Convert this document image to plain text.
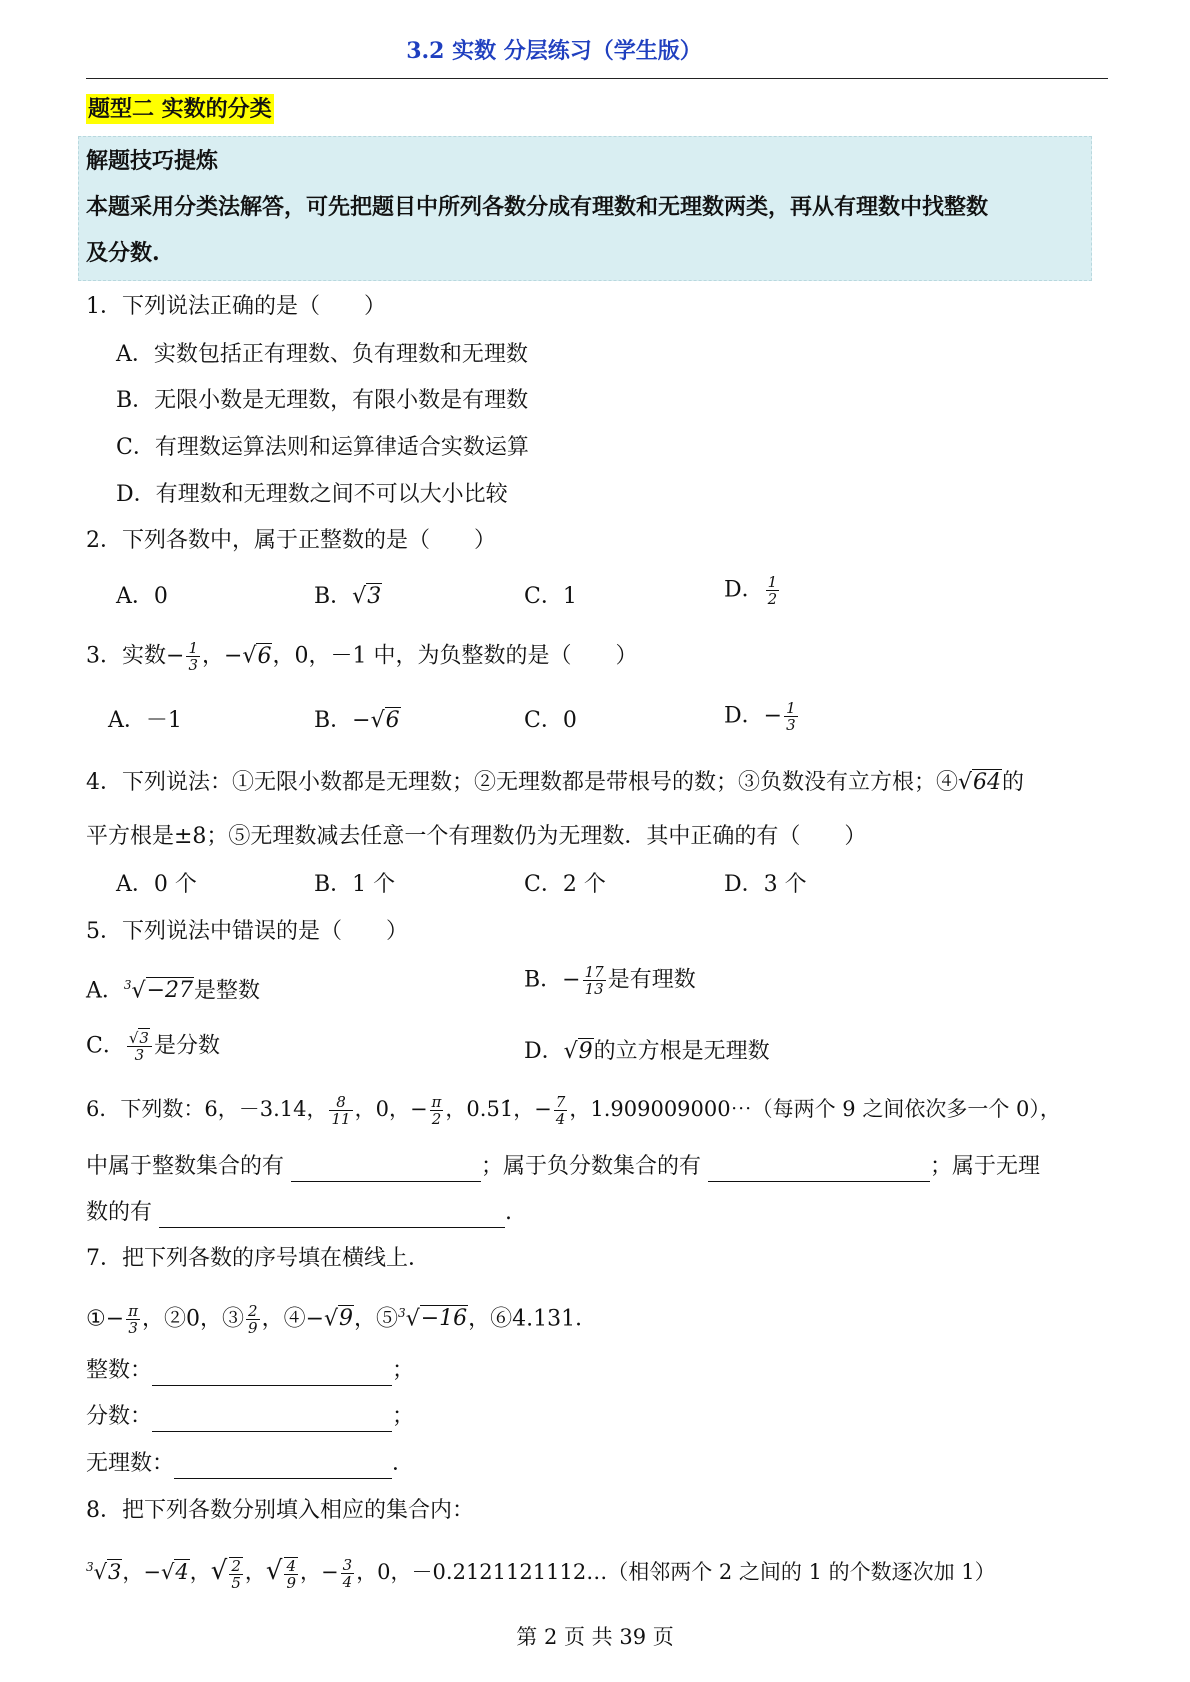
3.2 实数 分层练习（学生版）
题型二 实数的分类
解题技巧提炼
本题采用分类法解答，可先把题目中所列各数分成有理数和无理数两类，再从有理数中找整数
及分数.
1．下列说法正确的是（　　）
A．实数包括正有理数、负有理数和无理数
B．无限小数是无理数，有限小数是有理数
C．有理数运算法则和运算律适合实数运算
D．有理数和无理数之间不可以大小比较
2．下列各数中，属于正整数的是（　　）
A．0	B．√3	C．1	D． $\frac{1}{2}$
3．实数− $\frac{1}{3}$ ，−√6，0，－1 中，为负整数的是（　　）
A．－1	B．−√6	C．0	D．− $\frac{1}{3}$
4．下列说法：①无限小数都是无理数；②无理数都是带根号的数；③负数没有立方根；④√64的
平方根是±8；⑤无理数减去任意一个有理数仍为无理数．其中正确的有（　　）
A．0 个	B．1 个	C．2 个	D．3 个
5．下列说法中错误的是（　　）
A．$^3$√−27是整数	B．− $\frac{17}{13}$ 是有理数
C． $\frac{√3}{3}$ 是分数	D．√9的立方根是无理数
6．下列数：6，－3.14， $\frac{8}{11}$ ，0，− $\frac{\pi}{2}$ ，0.51̇，− $\frac{7}{4}$ ，1.909009000⋯（每两个 9 之间依次多一个 0），
中属于整数集合的有	；属于负分数集合的有	；属于无理
数的有	.
7．把下列各数的序号填在横线上．
①− $\frac{\pi}{3}$ ，②0，③ $\frac{2}{9}$ ，④−√9，⑤$^3$√−16，⑥4.131．
整数：	；
分数：	；
无理数：	．
8．把下列各数分别填入相应的集合内：
$^3$√3，−√4，√ $\frac{2}{5}$ ，√ $\frac{4}{9}$ ，− $\frac{3}{4}$ ，0，－0.2121121112…（相邻两个 2 之间的 1 的个数逐次加 1）
第 2 页 共 39 页
